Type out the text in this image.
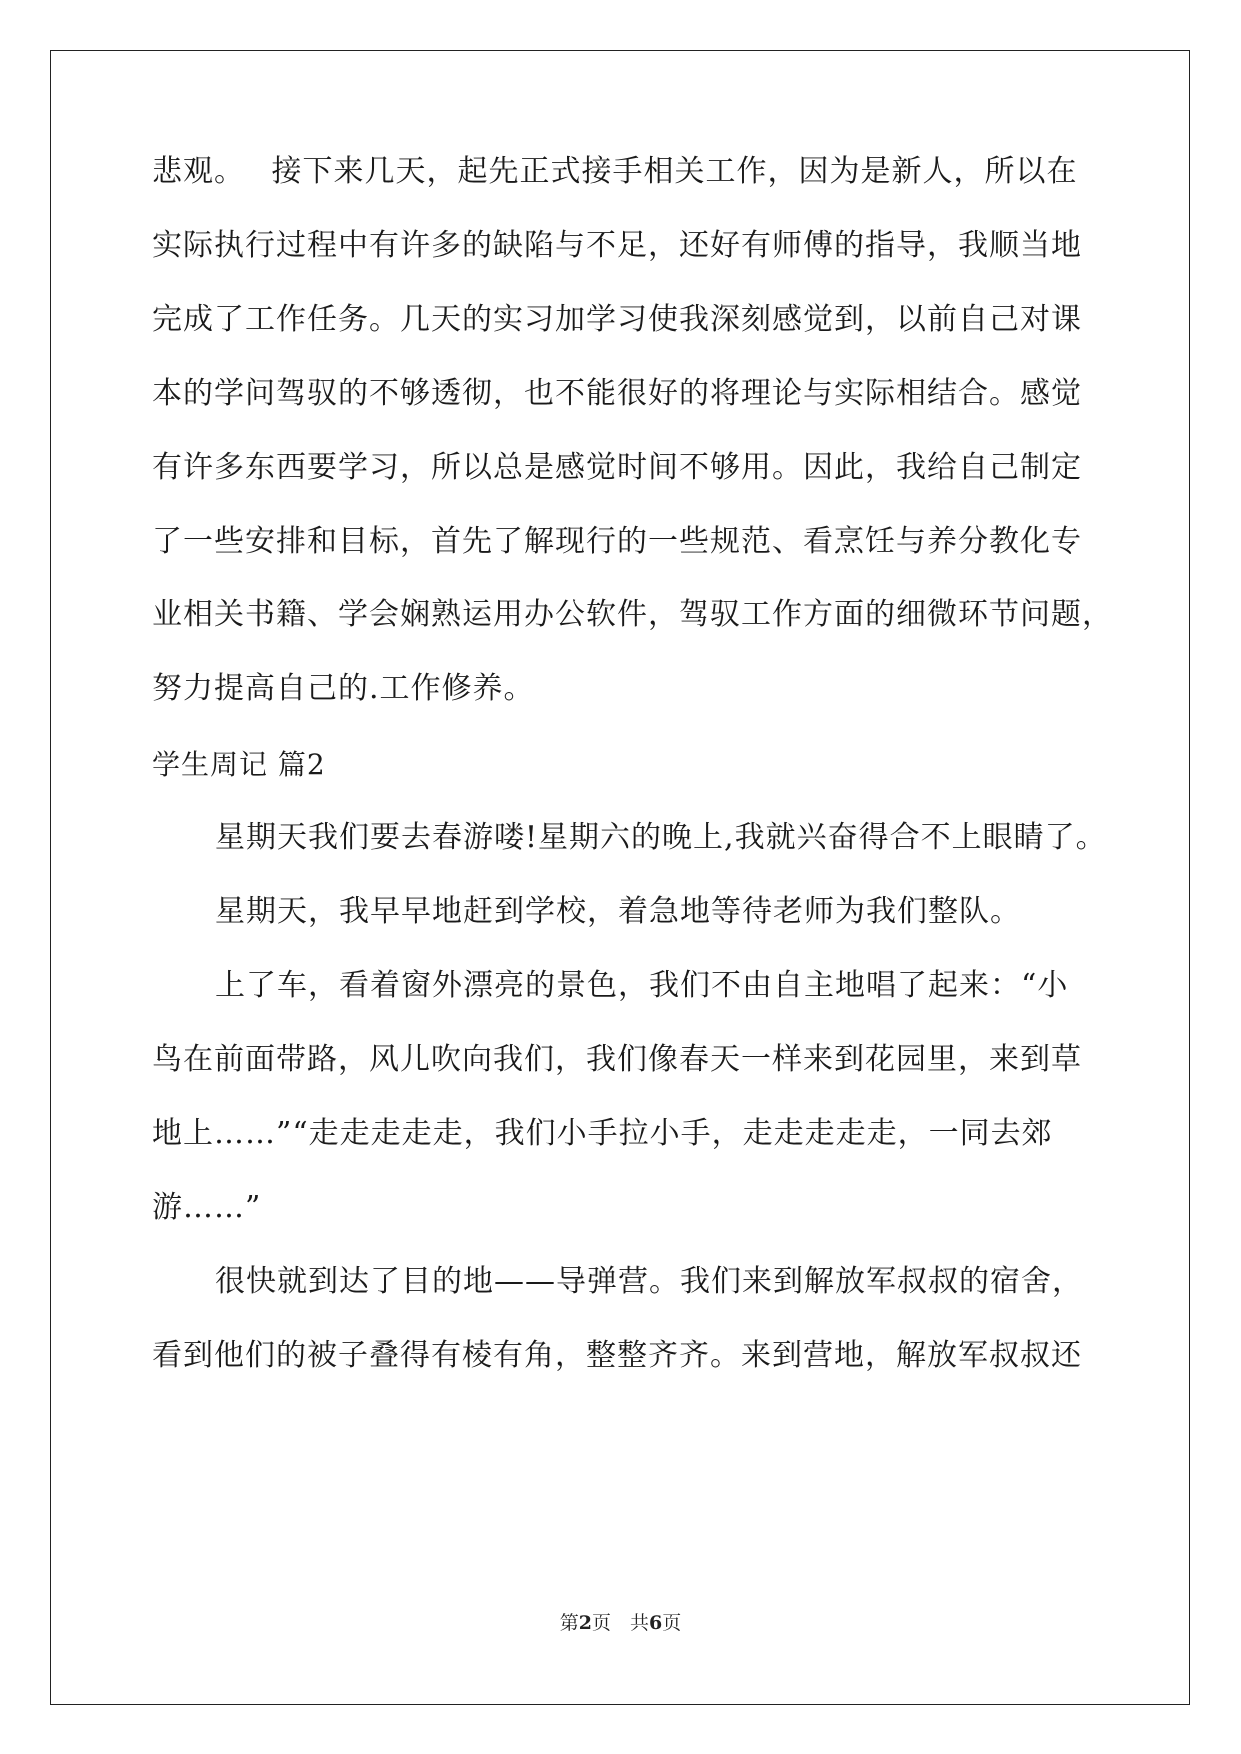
悲观。　 接下来几天，起先正式接手相关工作，因为是新人，所以在
实际执行过程中有许多的缺陷与不足，还好有师傅的指导，我顺当地
完成了工作任务。几天的实习加学习使我深刻感觉到，以前自己对课
本的学问驾驭的不够透彻，也不能很好的将理论与实际相结合。感觉
有许多东西要学习，所以总是感觉时间不够用。因此，我给自己制定
了一些安排和目标，首先了解现行的一些规范、看烹饪与养分教化专
业相关书籍、学会娴熟运用办公软件，驾驭工作方面的细微环节问题，
努力提高自己的.工作修养。
学生周记 篇2
星期天我们要去春游喽!星期六的晚上,我就兴奋得合不上眼睛了。
星期天，我早早地赶到学校，着急地等待老师为我们整队。
上了车，看着窗外漂亮的景色，我们不由自主地唱了起来：“小
鸟在前面带路，风儿吹向我们，我们像春天一样来到花园里，来到草
地上……”“走走走走走，我们小手拉小手，走走走走走，一同去郊
游……”
很快就到达了目的地——导弹营。我们来到解放军叔叔的宿舍，
看到他们的被子叠得有棱有角，整整齐齐。来到营地，解放军叔叔还
第2页　共6页
